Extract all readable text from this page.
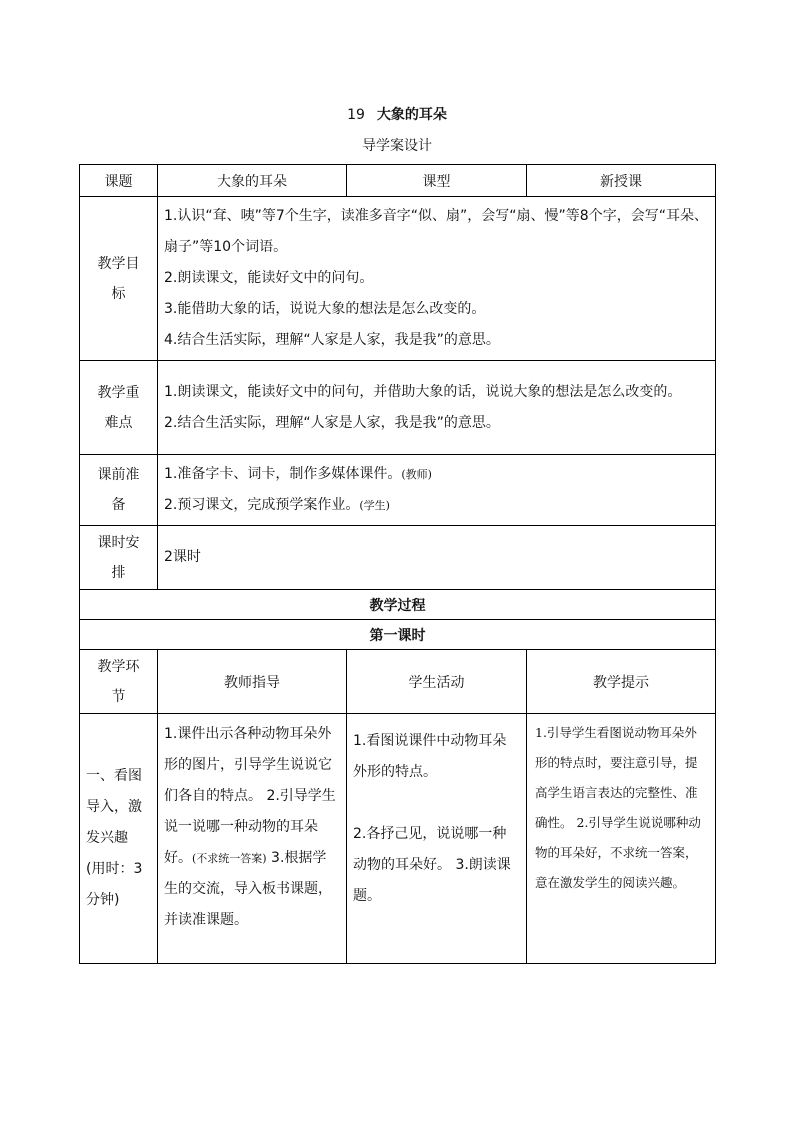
19 大象的耳朵
导学案设计
课题	大象的耳朵	课型	新授课
教学目
标	1.认识“耷、咦”等7个生字，读准多音字“似、扇”，会写“扇、慢”等8个字，会写“耳朵、扇子”等10个词语。
2.朗读课文，能读好文中的问句。
3.能借助大象的话，说说大象的想法是怎么改变的。
4.结合生活实际，理解“人家是人家，我是我”的意思。		

教学重
难点	1.朗读课文，能读好文中的问句，并借助大象的话，说说大象的想法是怎么改变的。
2.结合生活实际，理解“人家是人家，我是我”的意思。		

课前准
备	1.准备字卡、词卡，制作多媒体课件。(教师)
2.预习课文，完成预学案作业。(学生)		

课时安
排	2课时		
教学过程			
第一课时			
教学环
节	教师指导	学生活动	教学提示
一、看图
导入，激
发兴趣
(用时：3
分钟)	1.课件出示各种动物耳朵外形的图片，引导学生说说它们各自的特点。 2.引导学生说一说哪一种动物的耳朵好。(不求统一答案) 3.根据学生的交流，导入板书课题，并读准课题。	1.看图说课件中动物耳朵外形的特点。
2.各抒己见，说说哪一种动物的耳朵好。 3.朗读课题。	1.引导学生看图说动物耳朵外形的特点时，要注意引导，提高学生语言表达的完整性、准确性。 2.引导学生说说哪种动物的耳朵好，不求统一答案，意在激发学生的阅读兴趣。
